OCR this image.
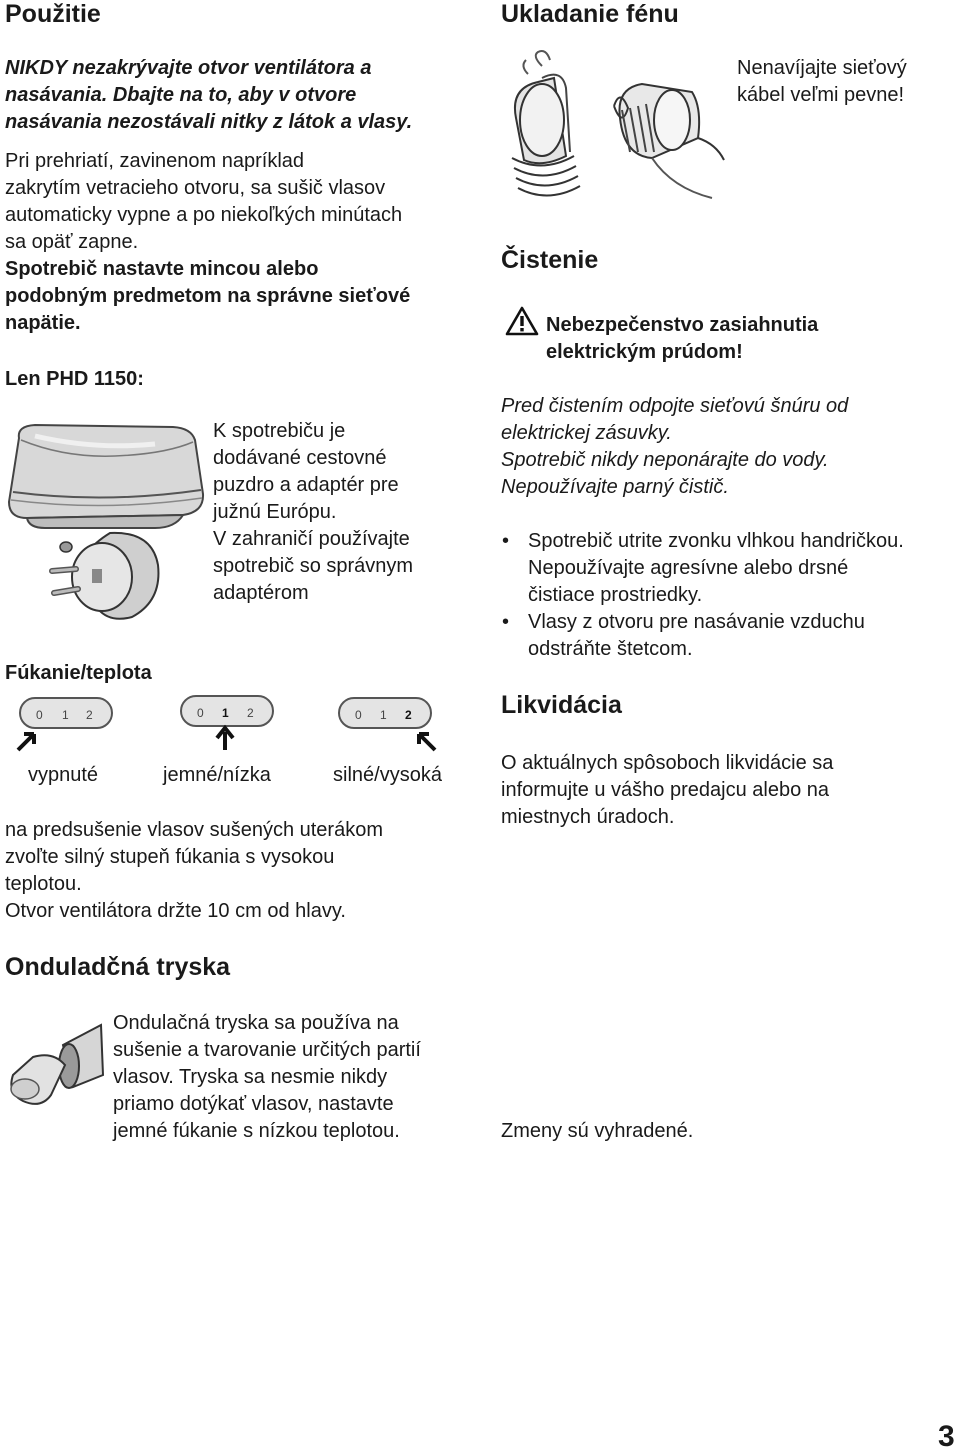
Použitie
NIKDY nezakrývajte otvor ventilátora a
nasávania. Dbajte na to, aby v otvore
nasávania nezostávali nitky z látok a vlasy.
Pri prehriatí, zavinenom napríklad
zakrytím vetracieho otvoru, sa sušič vlasov
automaticky vypne a po niekoľkých minútach
sa opäť zapne.
Spotrebič nastavte mincou alebo
podobným predmetom na správne sieťové
napätie.
Len PHD 1150:
K spotrebiču je
dodávané cestovné
puzdro a adaptér pre
južnú Európu.
V zahraničí používajte
spotrebič so správnym
adaptérom
Fúkanie/teplota
0 1 2	0 1 2	0 1 2
vypnuté	jemné/nízka	silné/vysoká
na predsušenie vlasov sušených uterákom
zvoľte silný stupeň fúkania s vysokou
teplotou.
Otvor ventilátora držte 10 cm od hlavy.
Onduladčná tryska
Ondulačná tryska sa používa na
sušenie a tvarovanie určitých partií
vlasov. Tryska sa nesmie nikdy
priamo dotýkať vlasov, nastavte
jemné fúkanie s nízkou teplotou.
Ukladanie fénu
Nenavíjajte sieťový
kábel veľmi pevne!
Čistenie
Nebezpečenstvo zasiahnutia
elektrickým prúdom!
Pred čistením odpojte sieťovú šnúru od
elektrickej zásuvky.
Spotrebič nikdy neponárajte do vody.
Nepoužívajte parný čistič.
• Spotrebič utrite zvonku vlhkou handričkou.
Nepoužívajte agresívne alebo drsné
čistiace prostriedky.
• Vlasy z otvoru pre nasávanie vzduchu
odstráňte štetcom.
Likvidácia
O aktuálnych spôsoboch likvidácie sa
informujte u vášho predajcu alebo na
miestnych úradoch.
Zmeny sú vyhradené.
3
